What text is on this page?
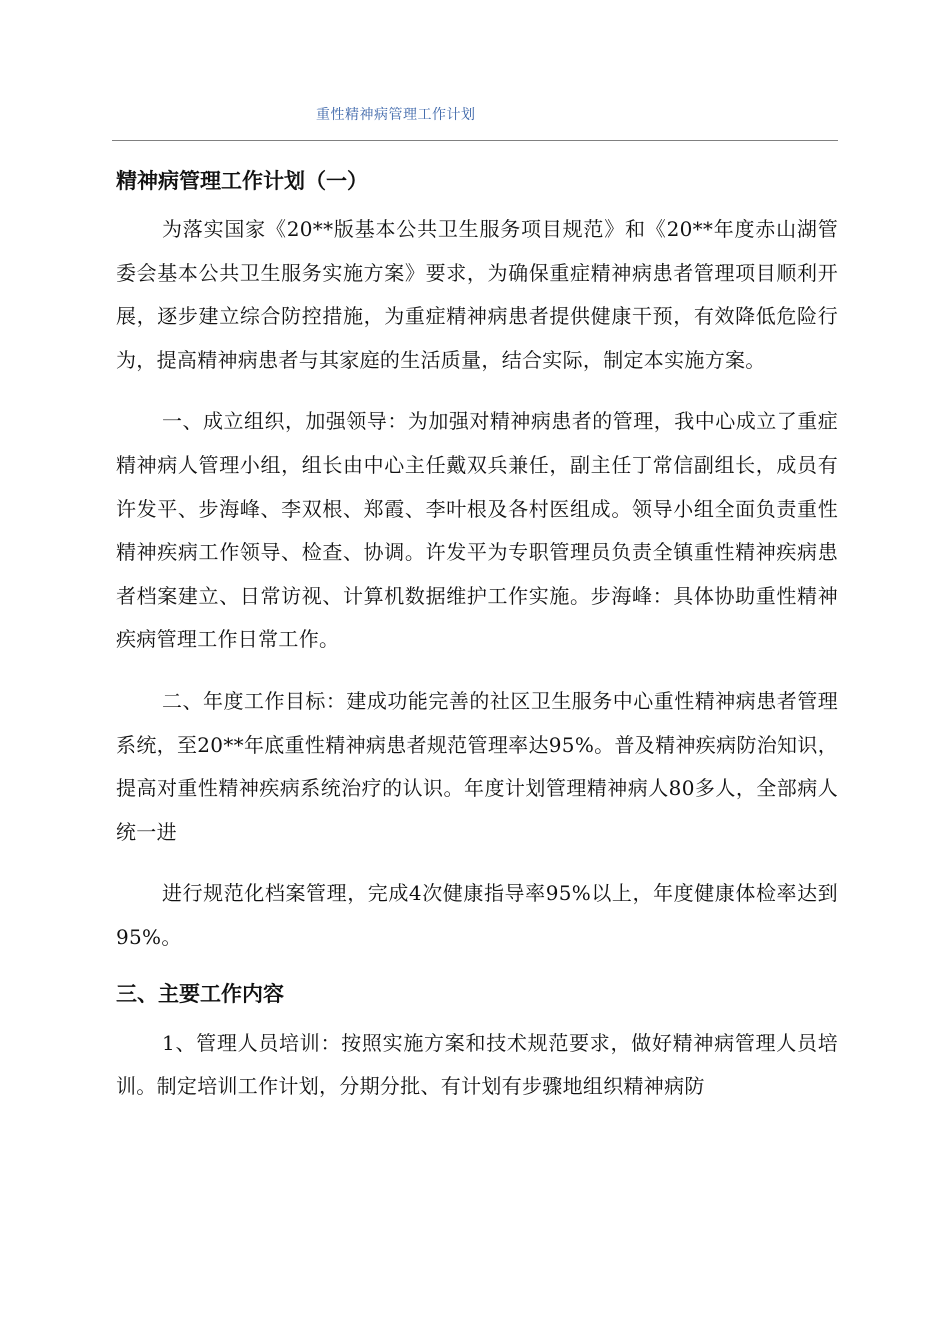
重性精神病管理工作计划
精神病管理工作计划（一）

为落实国家《20**版基本公共卫生服务项目规范》和《20**年度赤山湖管委会基本公共卫生服务实施方案》要求，为确保重症精神病患者管理项目顺利开展，逐步建立综合防控措施，为重症精神病患者提供健康干预，有效降低危险行为，提高精神病患者与其家庭的生活质量，结合实际，制定本实施方案。

一、成立组织，加强领导：为加强对精神病患者的管理，我中心成立了重症精神病人管理小组，组长由中心主任戴双兵兼任，副主任丁常信副组长，成员有许发平、步海峰、李双根、郑霞、李叶根及各村医组成。领导小组全面负责重性精神疾病工作领导、检查、协调。许发平为专职管理员负责全镇重性精神疾病患者档案建立、日常访视、计算机数据维护工作实施。步海峰：具体协助重性精神疾病管理工作日常工作。

二、年度工作目标：建成功能完善的社区卫生服务中心重性精神病患者管理系统，至20**年底重性精神病患者规范管理率达95%。普及精神疾病防治知识，提高对重性精神疾病系统治疗的认识。年度计划管理精神病人80多人，全部病人统一进

进行规范化档案管理，完成4次健康指导率95%以上，年度健康体检率达到95%。

三、主要工作内容

1、管理人员培训：按照实施方案和技术规范要求，做好精神病管理人员培训。制定培训工作计划，分期分批、有计划有步骤地组织精神病防
